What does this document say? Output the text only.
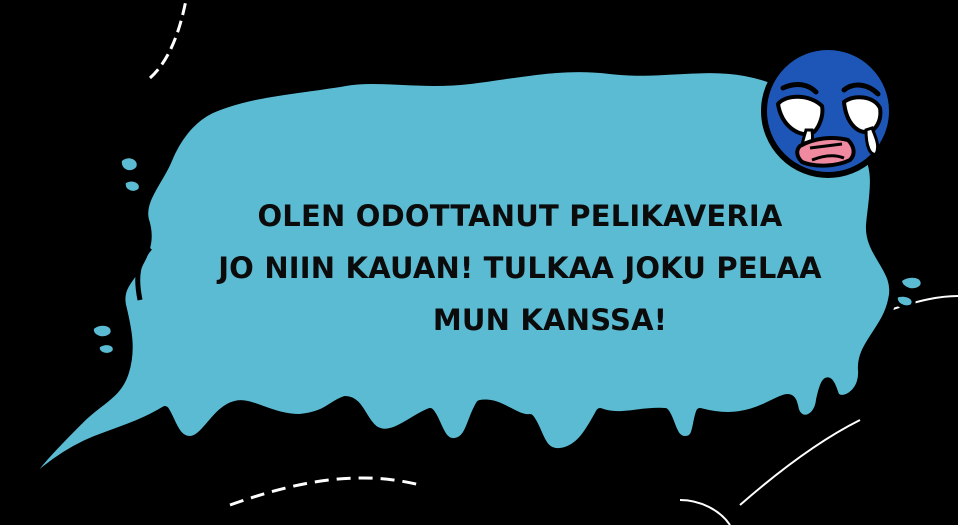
OLEN ODOTTANUT PELIKAVERIA
JO NIIN KAUAN! TULKAA JOKU PELAA
MUN KANSSA!
